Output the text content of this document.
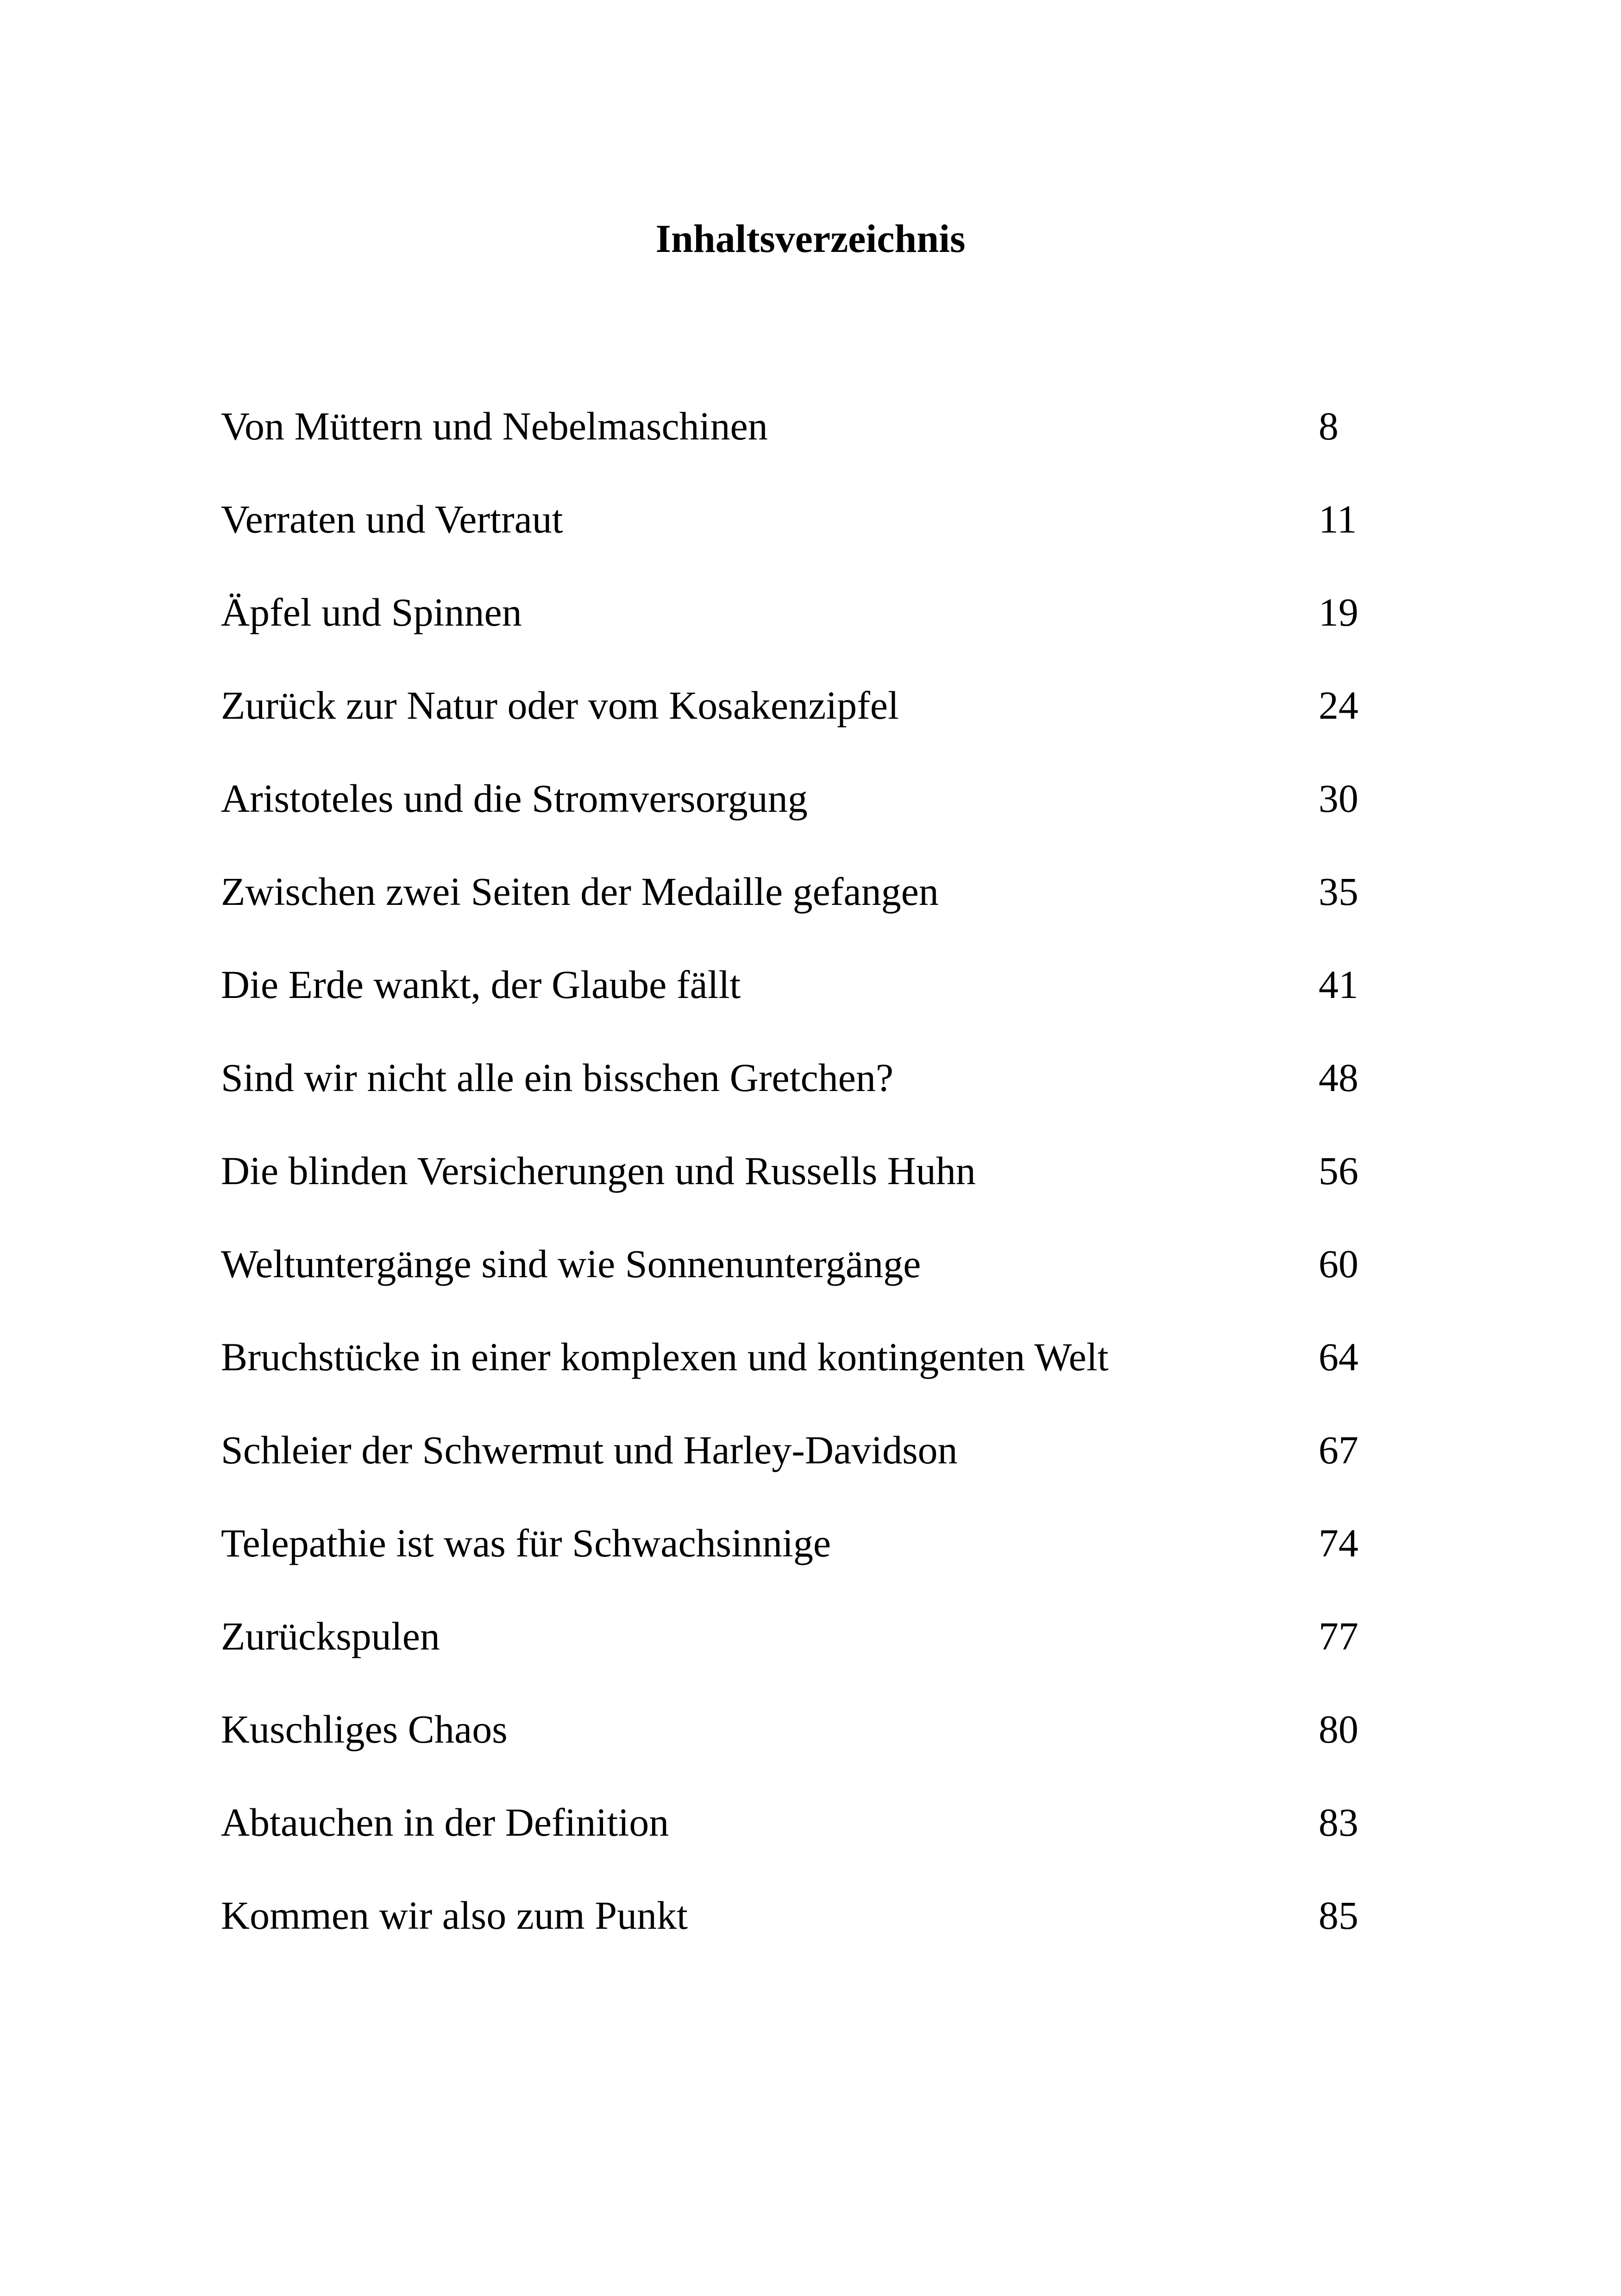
Inhaltsverzeichnis
Von Müttern und Nebelmaschinen	8
Verraten und Vertraut	11
Äpfel und Spinnen	19
Zurück zur Natur oder vom Kosakenzipfel	24
Aristoteles und die Stromversorgung	30
Zwischen zwei Seiten der Medaille gefangen	35
Die Erde wankt, der Glaube fällt	41
Sind wir nicht alle ein bisschen Gretchen?	48
Die blinden Versicherungen und Russells Huhn	56
Weltuntergänge sind wie Sonnenuntergänge	60
Bruchstücke in einer komplexen und kontingenten Welt	64
Schleier der Schwermut und Harley-Davidson	67
Telepathie ist was für Schwachsinnige	74
Zurückspulen	77
Kuschliges Chaos	80
Abtauchen in der Definition	83
Kommen wir also zum Punkt	85
